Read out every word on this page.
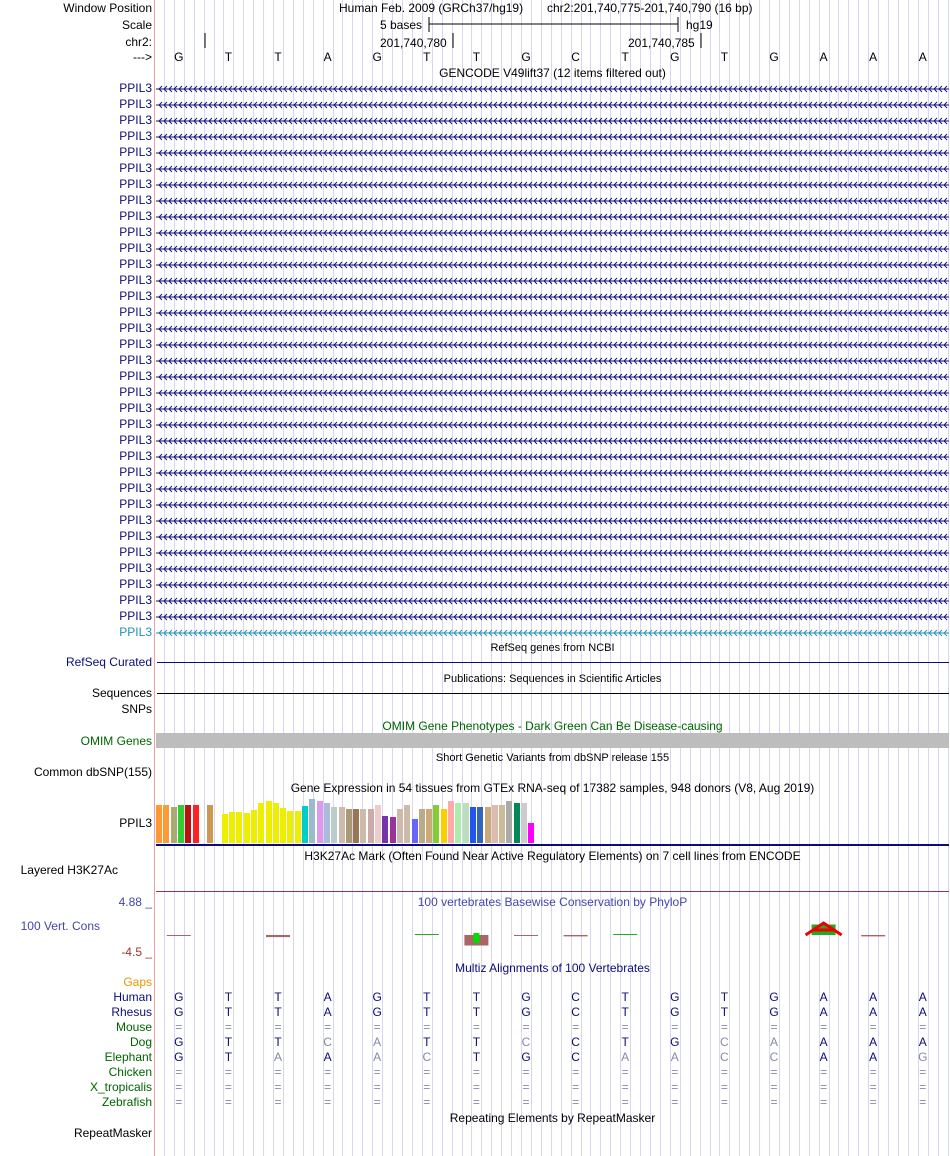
Window Position	Human Feb. 2009 (GRCh37/hg19) chr2:201,740,775-201,740,790 (16 bp)
Scale	5 bases	hg19
chr2:	201,740,780	201,740,785
--->	G	T	T	A	G	T	T	G	C	T	G	T	G	A	A	A
GENCODE V49lift37 (12 items filtered out)
PPIL3
PPIL3
PPIL3
PPIL3
PPIL3
PPIL3
PPIL3
PPIL3
PPIL3
PPIL3
PPIL3
PPIL3
PPIL3
PPIL3
PPIL3
PPIL3
PPIL3
PPIL3
PPIL3
PPIL3
PPIL3
PPIL3
PPIL3
PPIL3
PPIL3
PPIL3
PPIL3
PPIL3
PPIL3
PPIL3
PPIL3
PPIL3
PPIL3
PPIL3
PPIL3
RefSeq genes from NCBI
RefSeq Curated
Publications: Sequences in Scientific Articles
Sequences
SNPs
OMIM Gene Phenotypes - Dark Green Can Be Disease-causing
OMIM Genes
Short Genetic Variants from dbSNP release 155
Common dbSNP(155)
Gene Expression in 54 tissues from GTEx RNA-seq of 17382 samples, 948 donors (V8, Aug 2019)
PPIL3
H3K27Ac Mark (Often Found Near Active Regulatory Elements) on 7 cell lines from ENCODE
Layered H3K27Ac
100 vertebrates Basewise Conservation by PhyloP
4.88 _
100 Vert. Cons
-4.5 _
Multiz Alignments of 100 Vertebrates
Gaps
Human	G	T	T	A	G	T	T	G	C	T	G	T	G	A	A	A
Rhesus	G	T	T	A	G	T	T	G	C	T	G	T	G	A	A	A
Mouse	=	=	=	=	=	=	=	=	=	=	=	=	=	=	=	=
Dog	G	T	T	C	A	T	T	C	C	T	G	C	A	A	A	A
Elephant	G	T	A	A	A	C	T	G	C	A	A	C	C	A	A	G
Chicken	=	=	=	=	=	=	=	=	=	=	=	=	=	=	=	=
X_tropicalis	=	=	=	=	=	=	=	=	=	=	=	=	=	=	=	=
Zebrafish	=	=	=	=	=	=	=	=	=	=	=	=	=	=	=	=
Repeating Elements by RepeatMasker
RepeatMasker
